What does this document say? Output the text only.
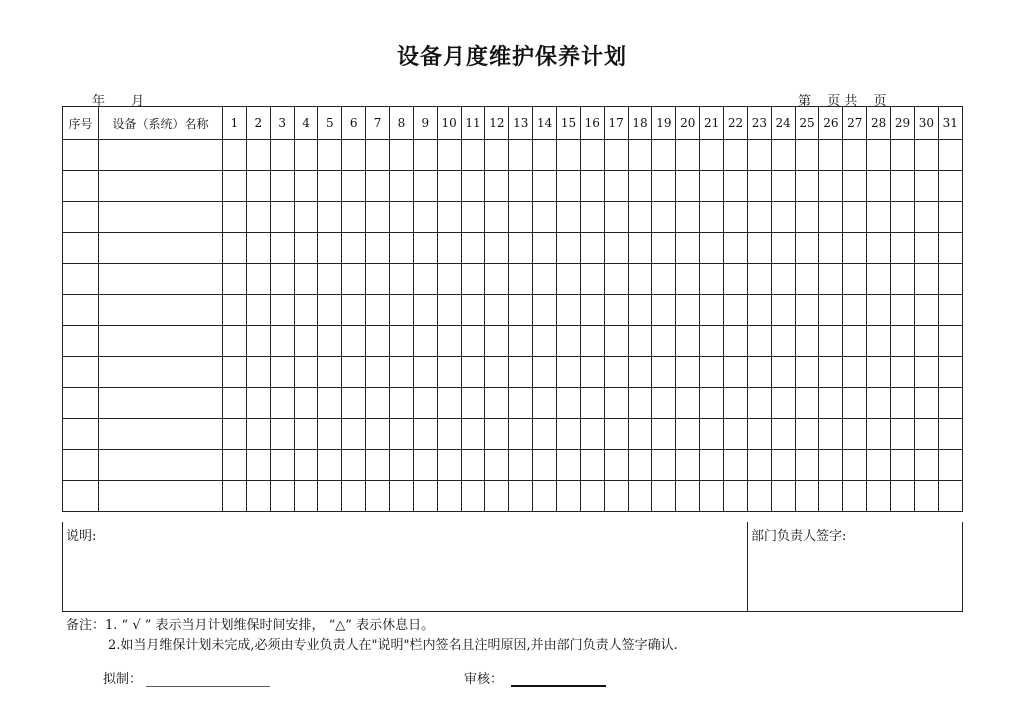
设备月度维护保养计划
年 月	第 页 共 页
序号	设备（系统）名称	1	2	3	4	5	6	7	8	9	10	11	12	13	14	15	16	17	18	19	20	21	22	23	24	25	26	27	28	29	30	31

说明:	部门负责人签字:
备注：1. “ √ ” 表示当月计划维保时间安排， “△” 表示休息日。
2.如当月维保计划未完成,必须由专业负责人在"说明"栏内签名且注明原因,并由部门负责人签字确认.
拟制：	审核：
